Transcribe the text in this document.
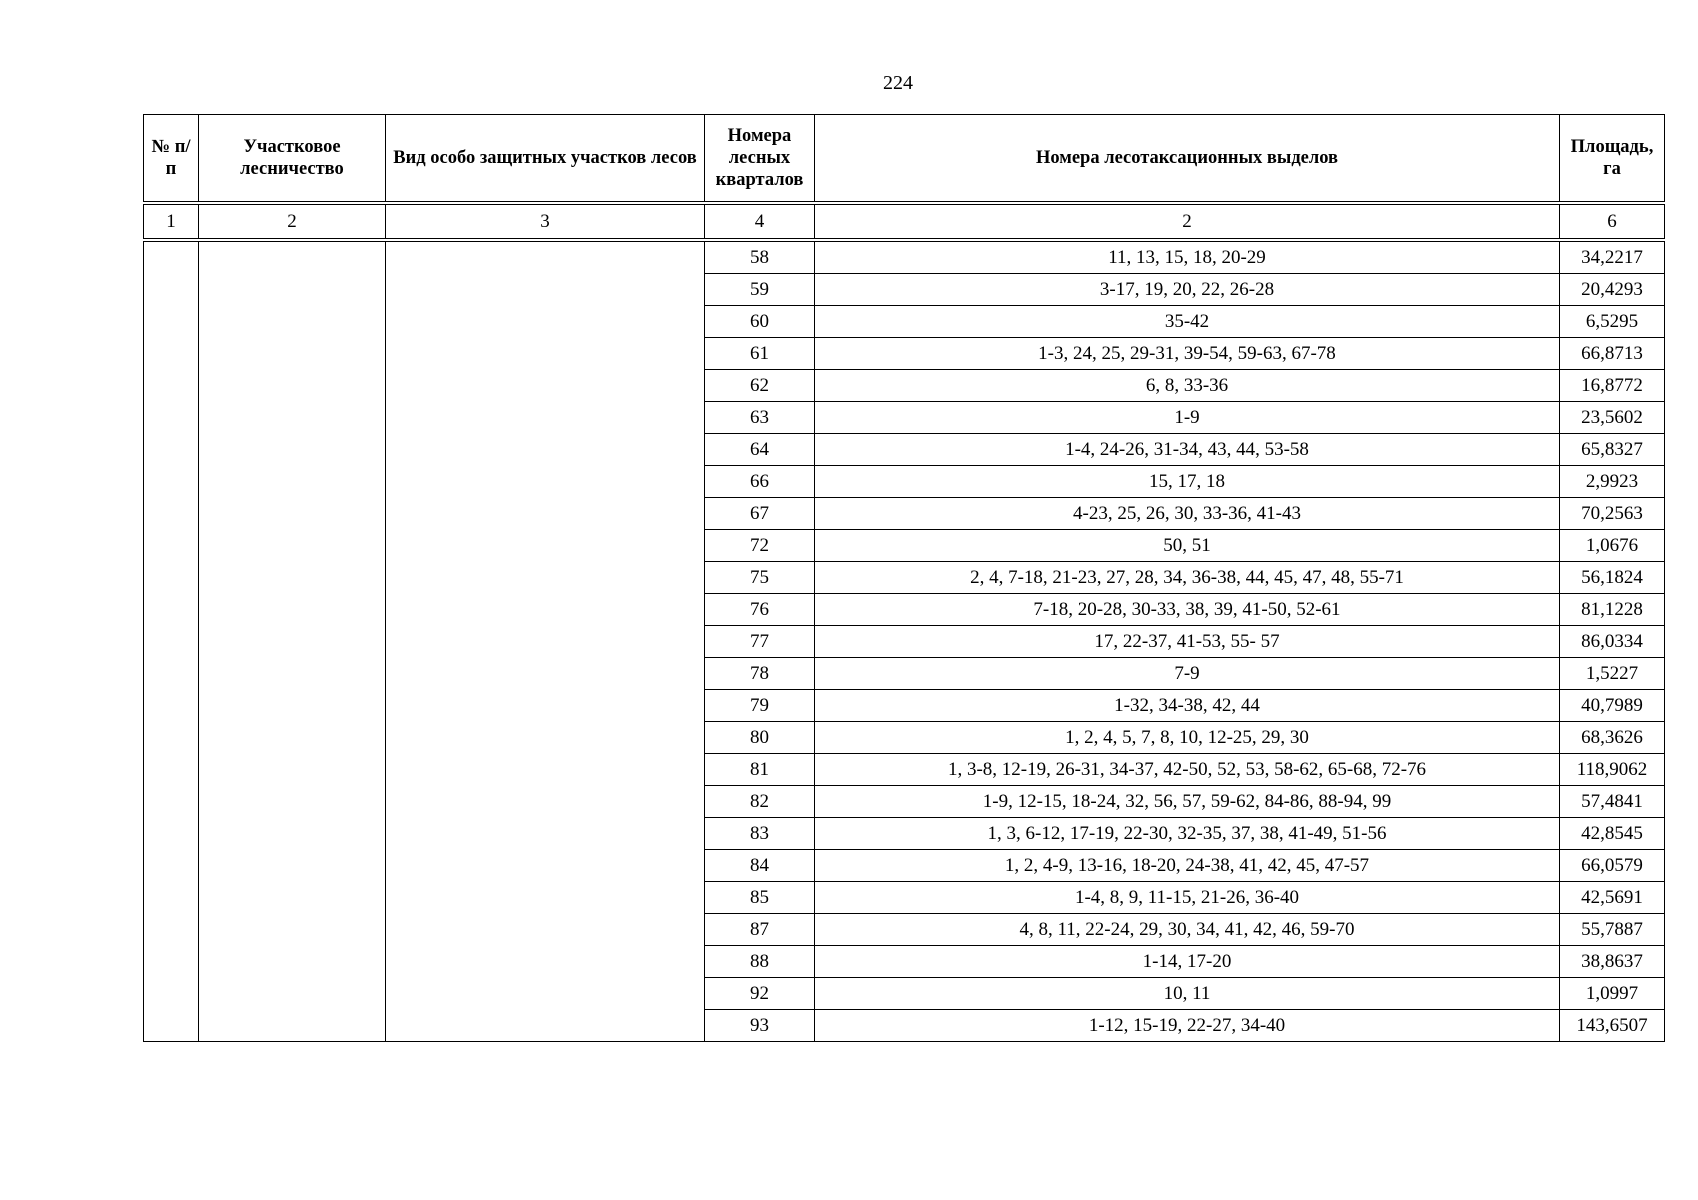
224
№ п/п	Участковое лесничество	Вид особо защитных участков лесов	Номера лесных кварталов	Номера лесотаксационных выделов	Площадь, га
1	2	3	4	2	6
			58	11, 13, 15, 18, 20-29	34,2217
			59	3-17, 19, 20, 22, 26-28	20,4293
			60	35-42	6,5295
			61	1-3, 24, 25, 29-31, 39-54, 59-63, 67-78	66,8713
			62	6, 8, 33-36	16,8772
			63	1-9	23,5602
			64	1-4, 24-26, 31-34, 43, 44, 53-58	65,8327
			66	15, 17, 18	2,9923
			67	4-23, 25, 26, 30, 33-36, 41-43	70,2563
			72	50, 51	1,0676
			75	2, 4, 7-18, 21-23, 27, 28, 34, 36-38, 44, 45, 47, 48, 55-71	56,1824
			76	7-18, 20-28, 30-33, 38, 39, 41-50, 52-61	81,1228
			77	17, 22-37, 41-53, 55- 57	86,0334
			78	7-9	1,5227
			79	1-32, 34-38, 42, 44	40,7989
			80	1, 2, 4, 5, 7, 8, 10, 12-25, 29, 30	68,3626
			81	1, 3-8, 12-19, 26-31, 34-37, 42-50, 52, 53, 58-62, 65-68, 72-76	118,9062
			82	1-9, 12-15, 18-24, 32, 56, 57, 59-62, 84-86, 88-94, 99	57,4841
			83	1, 3, 6-12, 17-19, 22-30, 32-35, 37, 38, 41-49, 51-56	42,8545
			84	1, 2, 4-9, 13-16, 18-20, 24-38, 41, 42, 45, 47-57	66,0579
			85	1-4, 8, 9, 11-15, 21-26, 36-40	42,5691
			87	4, 8, 11, 22-24, 29, 30, 34, 41, 42, 46, 59-70	55,7887
			88	1-14, 17-20	38,8637
			92	10, 11	1,0997
			93	1-12, 15-19, 22-27, 34-40	143,6507
